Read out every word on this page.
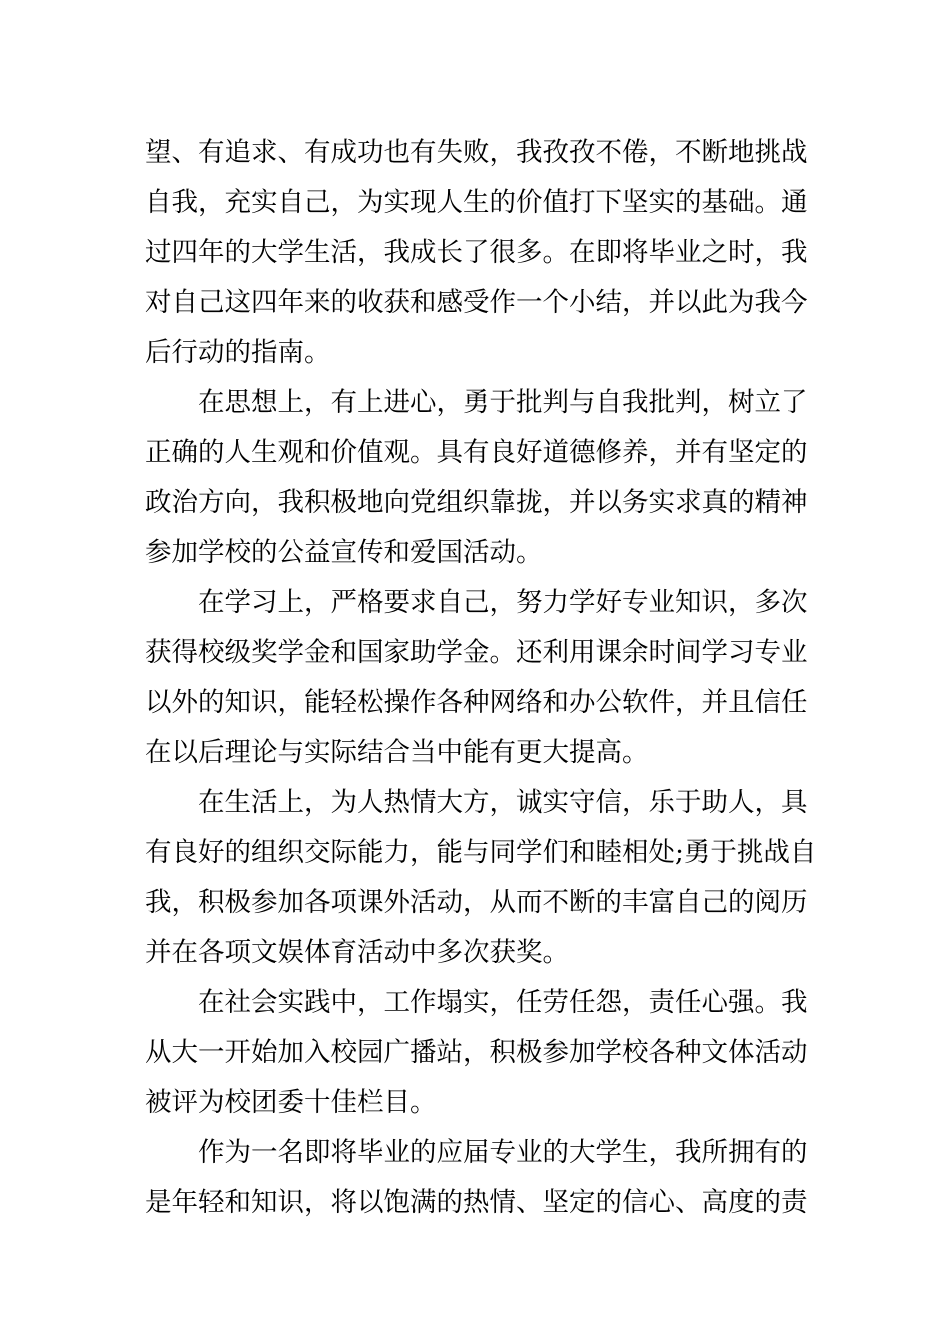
望、有追求、有成功也有失败，我孜孜不倦，不断地挑战
自我，充实自己，为实现人生的价值打下坚实的基础。通
过四年的大学生活，我成长了很多。在即将毕业之时，我
对自己这四年来的收获和感受作一个小结，并以此为我今
后行动的指南。

在思想上，有上进心，勇于批判与自我批判，树立了
正确的人生观和价值观。具有良好道德修养，并有坚定的
政治方向，我积极地向党组织靠拢，并以务实求真的精神
参加学校的公益宣传和爱国活动。

在学习上，严格要求自己，努力学好专业知识，多次
获得校级奖学金和国家助学金。还利用课余时间学习专业
以外的知识，能轻松操作各种网络和办公软件，并且信任
在以后理论与实际结合当中能有更大提高。

在生活上，为人热情大方，诚实守信，乐于助人，具
有良好的组织交际能力，能与同学们和睦相处;勇于挑战自
我，积极参加各项课外活动，从而不断的丰富自己的阅历
并在各项文娱体育活动中多次获奖。

在社会实践中，工作塌实，任劳任怨，责任心强。我
从大一开始加入校园广播站，积极参加学校各种文体活动
被评为校团委十佳栏目。

作为一名即将毕业的应届专业的大学生，我所拥有的
是年轻和知识，将以饱满的热情、坚定的信心、高度的责
